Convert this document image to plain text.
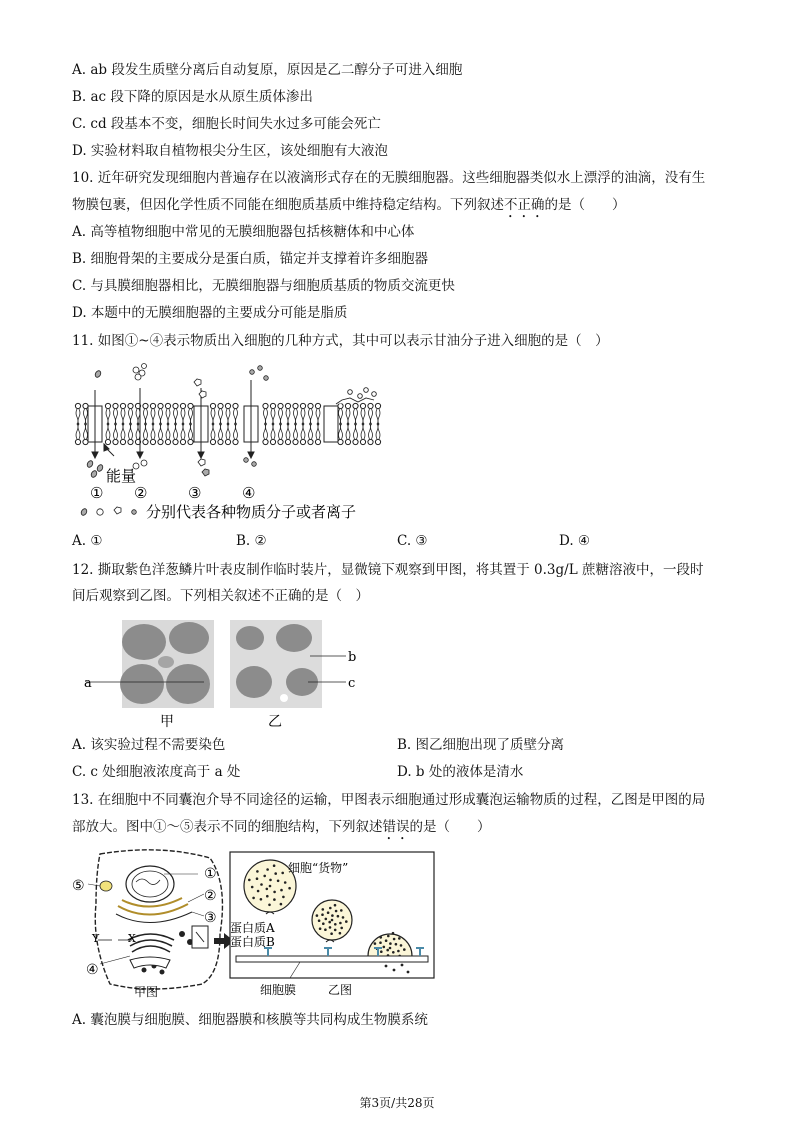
A. ab 段发生质壁分离后自动复原，原因是乙二醇分子可进入细胞
B. ac 段下降的原因是水从原生质体渗出
C. cd 段基本不变，细胞长时间失水过多可能会死亡
D. 实验材料取自植物根尖分生区，该处细胞有大液泡
10. 近年研究发现细胞内普遍存在以液滴形式存在的无膜细胞器。这些细胞器类似水上漂浮的油滴，没有生
物膜包裹，但因化学性质不同能在细胞质基质中维持稳定结构。下列叙述不正确的是（　　）
A. 高等植物细胞中常见的无膜细胞器包括核糖体和中心体
B. 细胞骨架的主要成分是蛋白质，锚定并支撑着许多细胞器
C. 与具膜细胞器相比，无膜细胞器与细胞质基质的物质交流更快
D. 本题中的无膜细胞器的主要成分可能是脂质
11. 如图①~④表示物质出入细胞的几种方式，其中可以表示甘油分子进入细胞的是（　）
能量
① ②	③	④
分别代表各种物质分子或者离子
A. ①	B. ②	C. ③	D. ④
12. 撕取紫色洋葱鳞片叶表皮制作临时装片，显微镜下观察到甲图，将其置于 0.3g/L 蔗糖溶液中，一段时
间后观察到乙图。下列相关叙述不正确的是（　）
a
b
c
甲	乙
A. 该实验过程不需要染色	B. 图乙细胞出现了质壁分离
C. c 处细胞液浓度高于 a 处	D. b 处的液体是清水
13. 在细胞中不同囊泡介导不同途径的运输，甲图表示细胞通过形成囊泡运输物质的过程，乙图是甲图的局
部放大。图中①～⑤表示不同的细胞结构，下列叙述错误的是（　　）
X
Y
①
②
③
④
⑤
甲图
细胞“货物”
蛋白质A
蛋白质B
细胞膜	乙图
A. 囊泡膜与细胞膜、细胞器膜和核膜等共同构成生物膜系统
第3页/共28页
